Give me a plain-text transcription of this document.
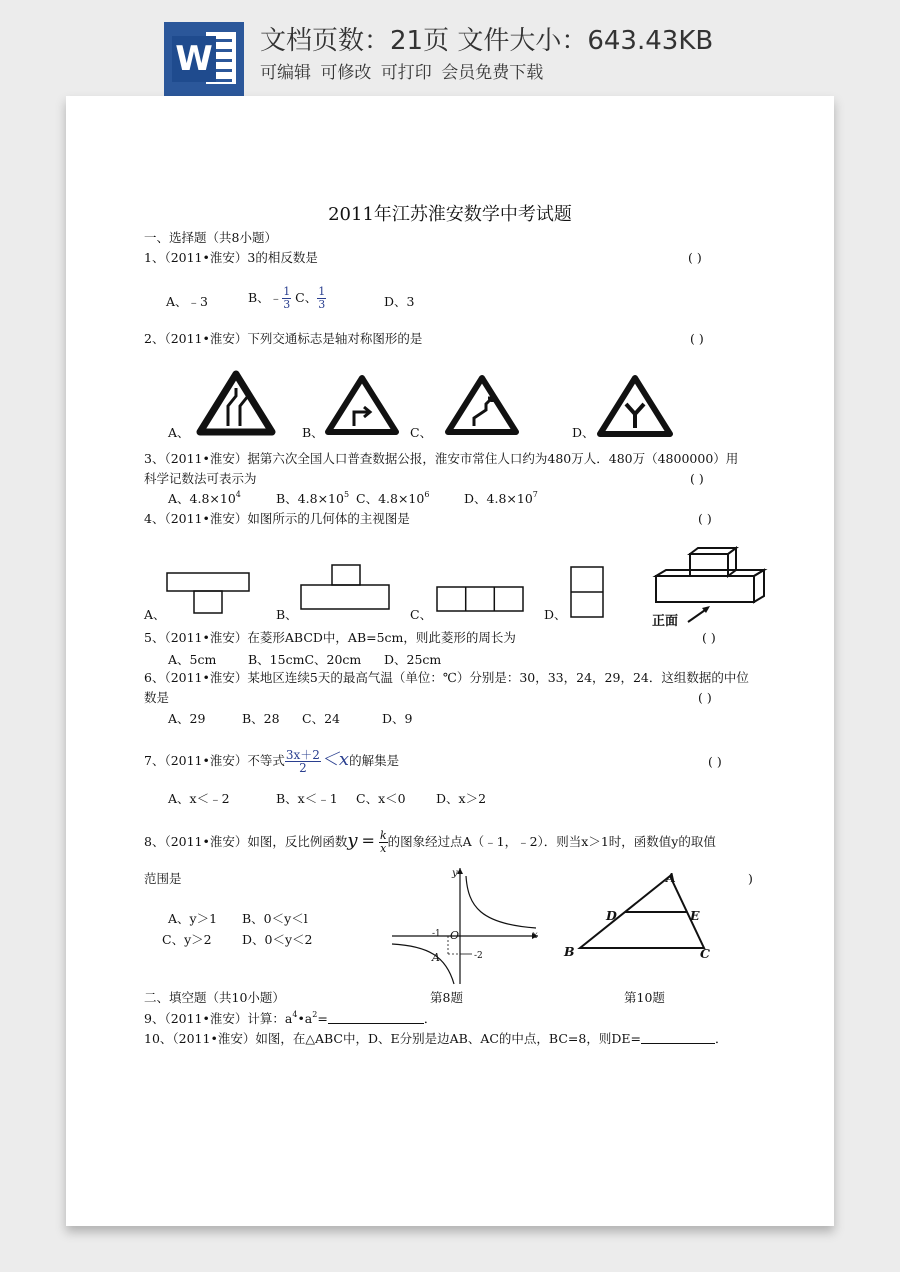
W 文档页数：21页 文件大小：643.43KB
可编辑 可修改 可打印 会员免费下载
2011年江苏淮安数学中考试题
一、选择题（共8小题）
1、（2011•淮安）3的相反数是	( )
A、﹣3	B、﹣ $\frac{1}{3}$ C、 $\frac{1}{3}$	D、3
2、（2011•淮安）下列交通标志是轴对称图形的是	( )
A、	B、	C、	D、
3、（2011•淮安）据第六次全国人口普查数据公报，淮安市常住人口约为480万人．480万（4800000）用
科学记数法可表示为	( )
A、$4.8\times 10^4$	B、$4.8\times 10^5$ C、$4.8\times 10^6$	D、$4.8\times 10^7$
4、（2011•淮安）如图所示的几何体的主视图是	( )
A、	B、	C、	D、	正面
5、（2011•淮安）在菱形ABCD中，AB=5cm，则此菱形的周长为	( )
A、5cm	B、15cmC、20cm D、25cm
6、（2011•淮安）某地区连续5天的最高气温（单位：℃）分别是：30，33，24，29，24．这组数据的中位
数是	( )
A、29	B、28 C、24	D、9
7、（2011•淮安）不等式 $\frac{3x+2}{2} <x$的解集是	( )
A、x＜﹣2	B、x＜﹣1 C、x＜0 D、x＞2
8、（2011•淮安）如图，反比例函数$y = \frac{k}{x}$ 的图象经过点A（﹣1，﹣2）．则当x＞1时，函数值y的取值
范围是	)
A、y＞1 B、0＜y＜l
C、y＞2 D、0＜y＜2
y
x
O
-1
-2
A
A
D	E
B	C
二、填空题（共10小题）	第8题	第10题
9、（2011•淮安）计算：$a^4•a^2=$	．
10、（2011•淮安）如图，在△ABC中，D、E分别是边AB、AC的中点，BC=8，则DE=	．
